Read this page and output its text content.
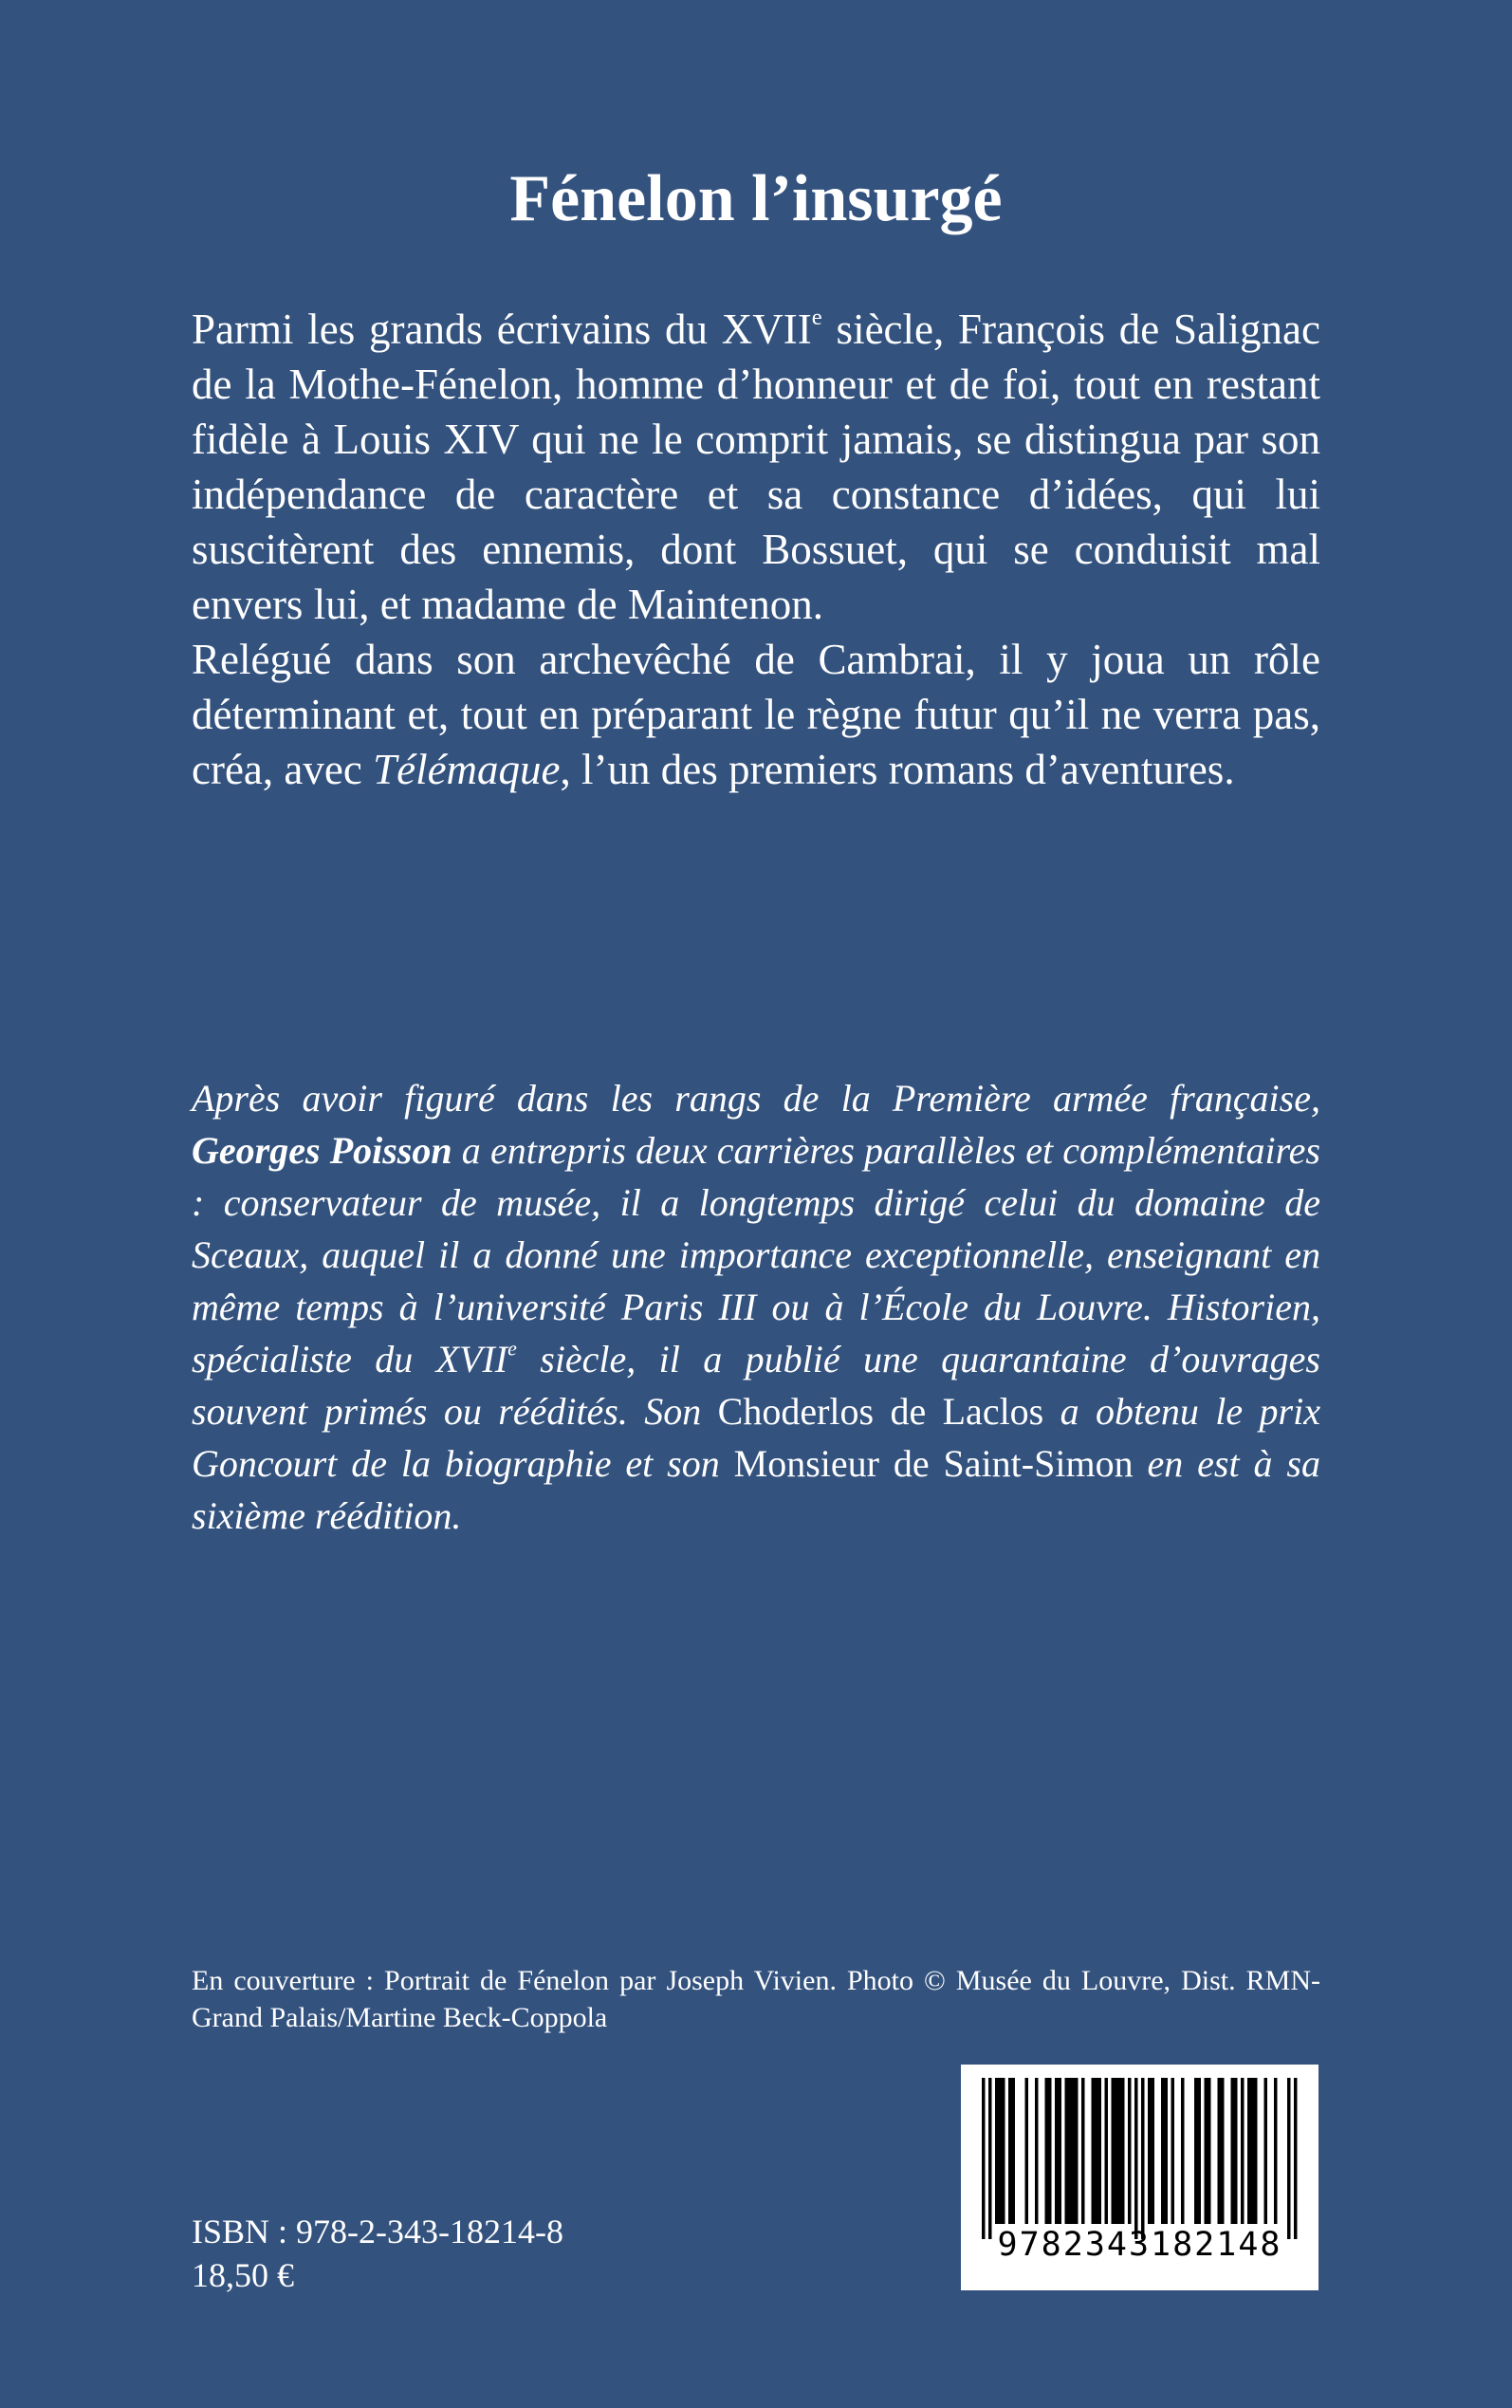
Fénelon l’insurgé

Parmi les grands écrivains du XVIIe siècle, François de Salignac de la Mothe-Fénelon, homme d’honneur et de foi, tout en restant fidèle à Louis XIV qui ne le comprit jamais, se distingua par son indépendance de caractère et sa constance d’idées, qui lui suscitèrent des ennemis, dont Bossuet, qui se conduisit mal envers lui, et madame de Maintenon.

Relégué dans son archevêché de Cambrai, il y joua un rôle déterminant et, tout en préparant le règne futur qu’il ne verra pas, créa, avec Télémaque, l’un des premiers romans d’aventures.

Après avoir figuré dans les rangs de la Première armée française, Georges Poisson a entrepris deux carrières parallèles et complémentaires : conservateur de musée, il a longtemps dirigé celui du domaine de Sceaux, auquel il a donné une importance exceptionnelle, enseignant en même temps à l’université Paris III ou à l’École du Louvre. Historien, spécialiste du XVIIe siècle, il a publié une quarantaine d’ouvrages souvent primés ou réédités. Son Choderlos de Laclos a obtenu le prix Goncourt de la biographie et son Monsieur de Saint-Simon en est à sa sixième réédition.

En couverture : Portrait de Fénelon par Joseph Vivien. Photo © Musée du Louvre, Dist. RMN-Grand Palais/Martine Beck-Coppola

ISBN : 978-2-343-18214-8
18,50 €
9782343182148
